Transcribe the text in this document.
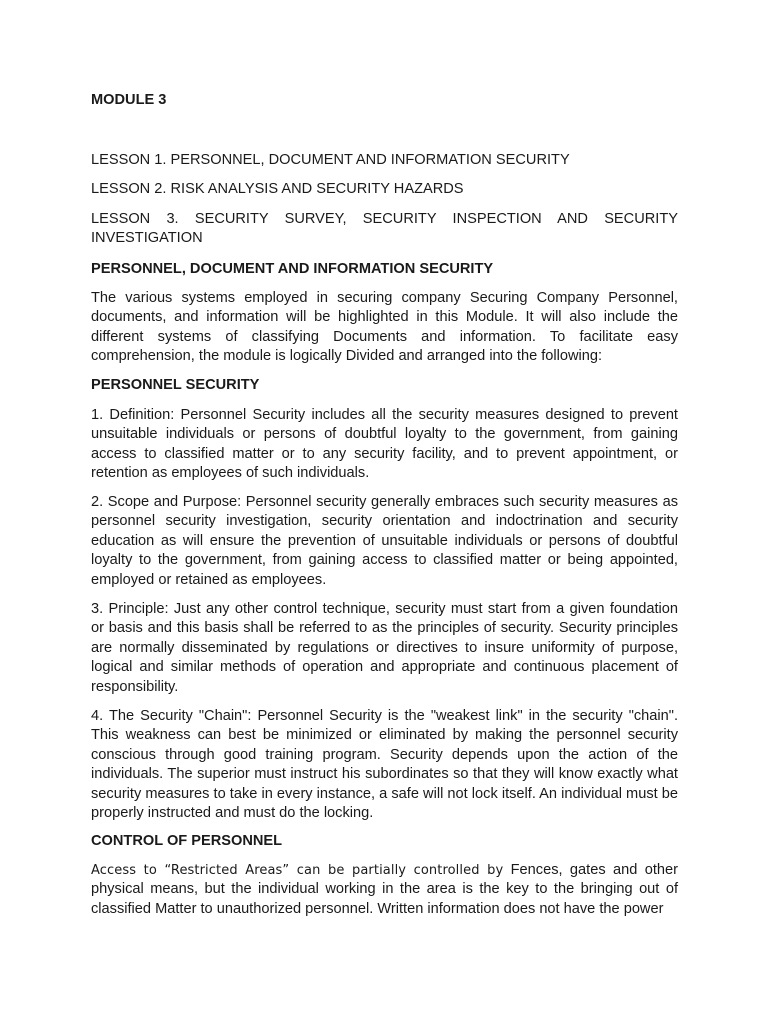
MODULE 3

LESSON 1. PERSONNEL, DOCUMENT AND INFORMATION SECURITY

LESSON 2. RISK ANALYSIS AND SECURITY HAZARDS

LESSON 3. SECURITY SURVEY, SECURITY INSPECTION AND SECURITY INVESTIGATION

PERSONNEL, DOCUMENT AND INFORMATION SECURITY

The various systems employed in securing company Securing Company Personnel, documents, and information will be highlighted in this Module. It will also include the different systems of classifying Documents and information. To facilitate easy comprehension, the module is logically Divided and arranged into the following:

PERSONNEL SECURITY

1. Definition: Personnel Security includes all the security measures designed to prevent unsuitable individuals or persons of doubtful loyalty to the government, from gaining access to classified matter or to any security facility, and to prevent appointment, or retention as employees of such individuals.

2. Scope and Purpose: Personnel security generally embraces such security measures as personnel security investigation, security orientation and indoctrination and security education as will ensure the prevention of unsuitable individuals or persons of doubtful loyalty to the government, from gaining access to classified matter or being appointed, employed or retained as employees.

3. Principle: Just any other control technique, security must start from a given foundation or basis and this basis shall be referred to as the principles of security. Security principles are normally disseminated by regulations or directives to insure uniformity of purpose, logical and similar methods of operation and appropriate and continuous placement of responsibility.

4. The Security "Chain": Personnel Security is the "weakest link" in the security "chain". This weakness can best be minimized or eliminated by making the personnel security conscious through good training program. Security depends upon the action of the individuals. The superior must instruct his subordinates so that they will know exactly what security measures to take in every instance, a safe will not lock itself. An individual must be properly instructed and must do the locking.

CONTROL OF PERSONNEL

Access to “Restricted Areas” can be partially controlled by Fences, gates and other physical means, but the individual working in the area is the key to the bringing out of classified Matter to unauthorized personnel. Written information does not have the power
